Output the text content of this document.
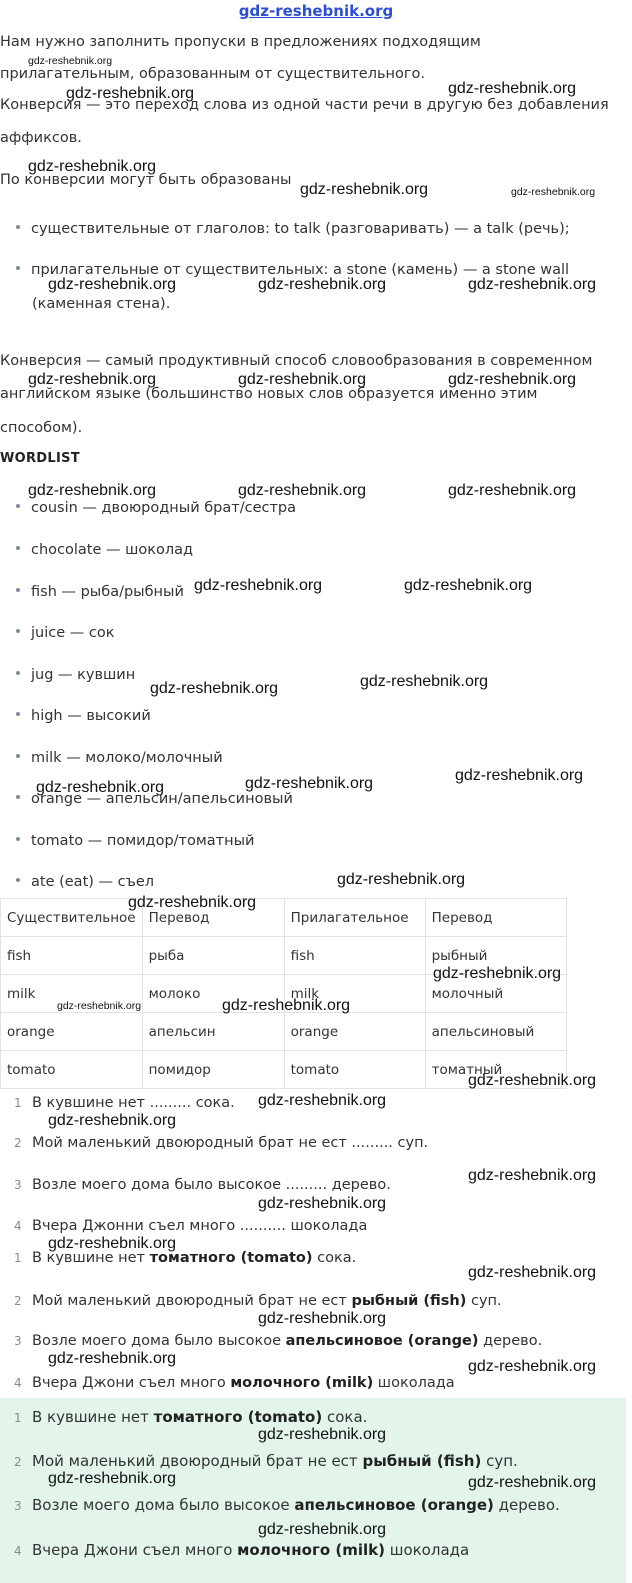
gdz-reshebnik.org
Нам нужно заполнить пропуски в предложениях подходящим
прилагательным, образованным от существительного.
Конверсия — это переход слова из одной части речи в другую без добавления
аффиксов.
По конверсии могут быть образованы
существительные от глаголов: to talk (разговаривать) — a talk (речь);
прилагательные от существительных: a stone (камень) — a stone wall
(каменная стена).
Конверсия — самый продуктивный способ словообразования в современном
английском языке (большинство новых слов образуется именно этим
способом).
WORDLIST
cousin — двоюродный брат/сестра
chocolate — шоколад
fish — рыба/рыбный
juice — сок
jug — кувшин
high — высокий
milk — молоко/молочный
orange — апельсин/апельсиновый
tomato — помидор/томатный
ate (eat) — съел
Существительное	Перевод	Прилагательное	Перевод
fish	рыба	fish	рыбный
milk	молоко	milk	молочный
orange	апельсин	orange	апельсиновый
tomato	помидор	tomato	томатный
1 В кувшине нет ......... сока.
2 Мой маленький двоюродный брат не ест ......... суп.
3 Возле моего дома было высокое ......... дерево.
4 Вчера Джонни съел много .......... шоколада
1 В кувшине нет томатного (tomato) сока.
2 Мой маленький двоюродный брат не ест рыбный (fish) суп.
3 Возле моего дома было высокое апельсиновое (orange) дерево.
4 Вчера Джони съел много молочного (milk) шоколада
1 В кувшине нет томатного (tomato) сока.
2 Мой маленький двоюродный брат не ест рыбный (fish) суп.
3 Возле моего дома было высокое апельсиновое (orange) дерево.
4 Вчера Джони съел много молочного (milk) шоколада
gdz-reshebnik.org
gdz-reshebnik.org
gdz-reshebnik.org
gdz-reshebnik.org
gdz-reshebnik.org	gdz-reshebnik.org
gdz-reshebnik.org	gdz-reshebnik.org	gdz-reshebnik.org
gdz-reshebnik.org	gdz-reshebnik.org	gdz-reshebnik.org
gdz-reshebnik.org	gdz-reshebnik.org	gdz-reshebnik.org
gdz-reshebnik.org	gdz-reshebnik.org
gdz-reshebnik.org	gdz-reshebnik.org
gdz-reshebnik.org	gdz-reshebnik.org	gdz-reshebnik.org
gdz-reshebnik.org
gdz-reshebnik.org
gdz-reshebnik.org
gdz-reshebnik.org	gdz-reshebnik.org
gdz-reshebnik.org
gdz-reshebnik.org
gdz-reshebnik.org
gdz-reshebnik.org
gdz-reshebnik.org
gdz-reshebnik.org
gdz-reshebnik.org
gdz-reshebnik.org
gdz-reshebnik.org	gdz-reshebnik.org
gdz-reshebnik.org
gdz-reshebnik.org	gdz-reshebnik.org
gdz-reshebnik.org
